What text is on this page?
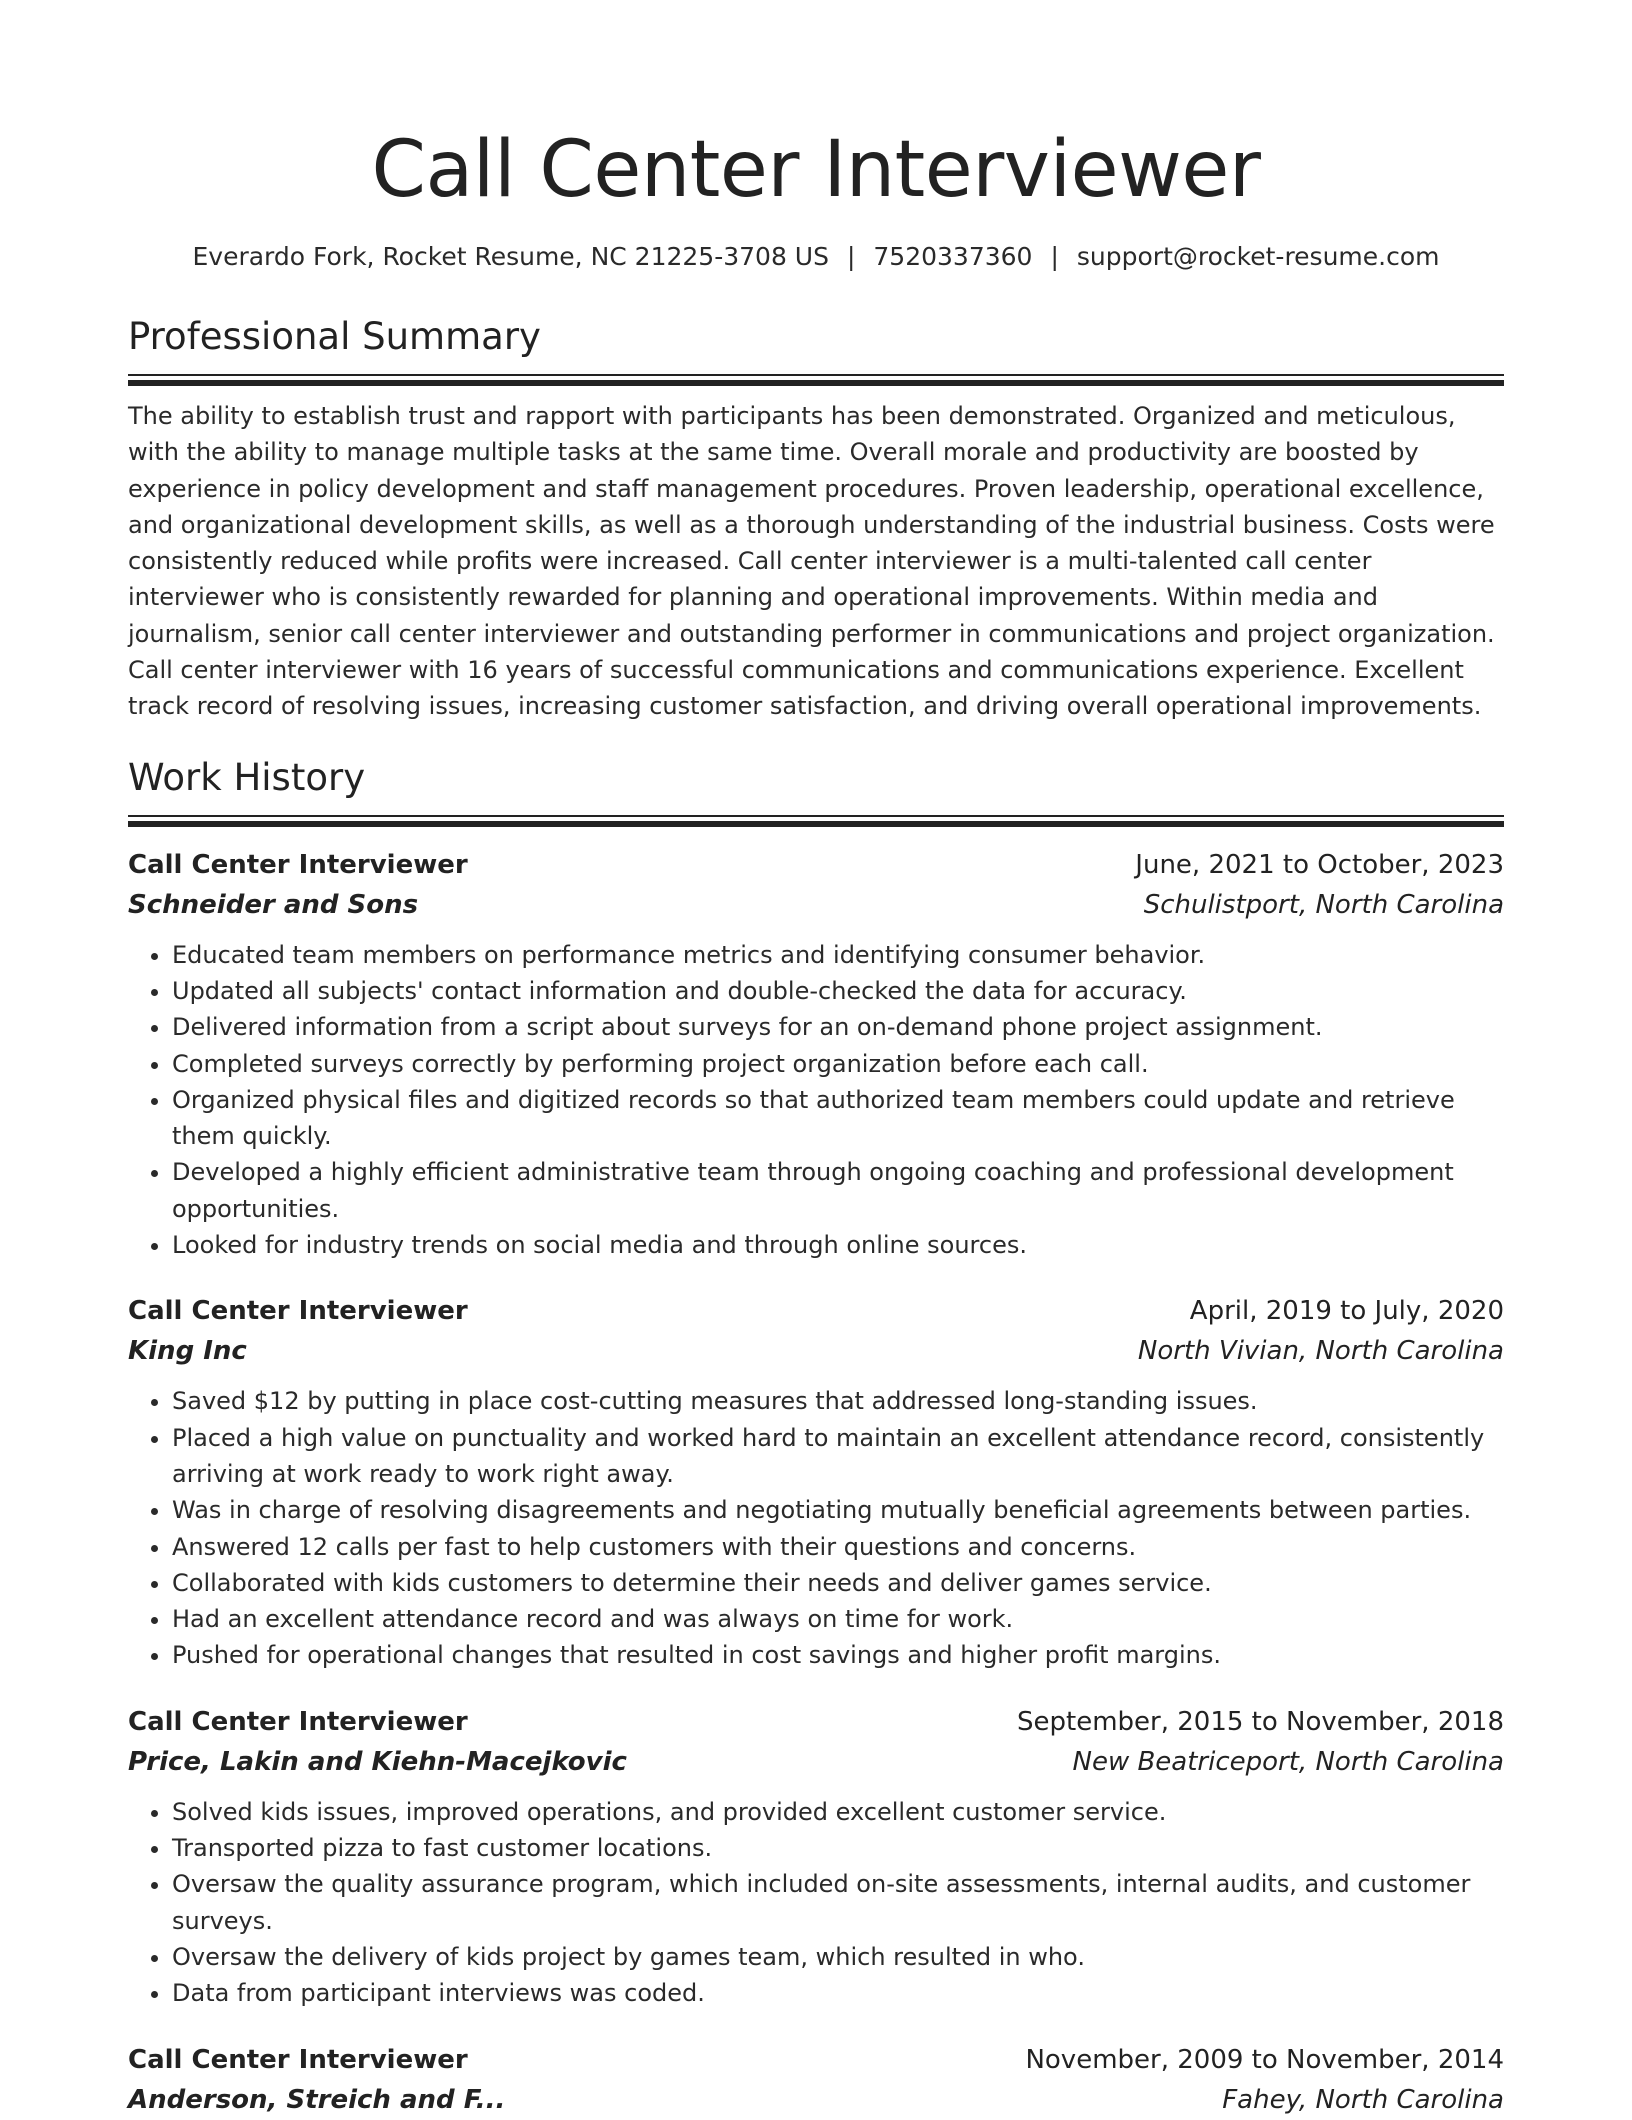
Call Center Interviewer
Everardo Fork, Rocket Resume, NC 21225-3708 US | 7520337360 | support@rocket-resume.com
Professional Summary

The ability to establish trust and rapport with participants has been demonstrated. Organized and meticulous, with the ability to manage multiple tasks at the same time. Overall morale and productivity are boosted by experience in policy development and staff management procedures. Proven leadership, operational excellence, and organizational development skills, as well as a thorough understanding of the industrial business. Costs were consistently reduced while profits were increased. Call center interviewer is a multi-talented call center interviewer who is consistently rewarded for planning and operational improvements. Within media and journalism, senior call center interviewer and outstanding performer in communications and project organization. Call center interviewer with 16 years of successful communications and communications experience. Excellent track record of resolving issues, increasing customer satisfaction, and driving overall operational improvements.

Work History
Call Center Interviewer	June, 2021 to October, 2023
Schneider and Sons	Schulistport, North Carolina
• Educated team members on performance metrics and identifying consumer behavior.
• Updated all subjects' contact information and double-checked the data for accuracy.
• Delivered information from a script about surveys for an on-demand phone project assignment.
• Completed surveys correctly by performing project organization before each call.
• Organized physical files and digitized records so that authorized team members could update and retrieve them quickly.
• Developed a highly efficient administrative team through ongoing coaching and professional development opportunities.
• Looked for industry trends on social media and through online sources.
Call Center Interviewer	April, 2019 to July, 2020
King Inc	North Vivian, North Carolina
• Saved $12 by putting in place cost-cutting measures that addressed long-standing issues.
• Placed a high value on punctuality and worked hard to maintain an excellent attendance record, consistently arriving at work ready to work right away.
• Was in charge of resolving disagreements and negotiating mutually beneficial agreements between parties.
• Answered 12 calls per fast to help customers with their questions and concerns.
• Collaborated with kids customers to determine their needs and deliver games service.
• Had an excellent attendance record and was always on time for work.
• Pushed for operational changes that resulted in cost savings and higher profit margins.
Call Center Interviewer	September, 2015 to November, 2018
Price, Lakin and Kiehn-Macejkovic	New Beatriceport, North Carolina
• Solved kids issues, improved operations, and provided excellent customer service.
• Transported pizza to fast customer locations.
• Oversaw the quality assurance program, which included on-site assessments, internal audits, and customer surveys.
• Oversaw the delivery of kids project by games team, which resulted in who.
• Data from participant interviews was coded.
Call Center Interviewer	November, 2009 to November, 2014
Anderson, Streich and F...	Fahey, North Carolina
